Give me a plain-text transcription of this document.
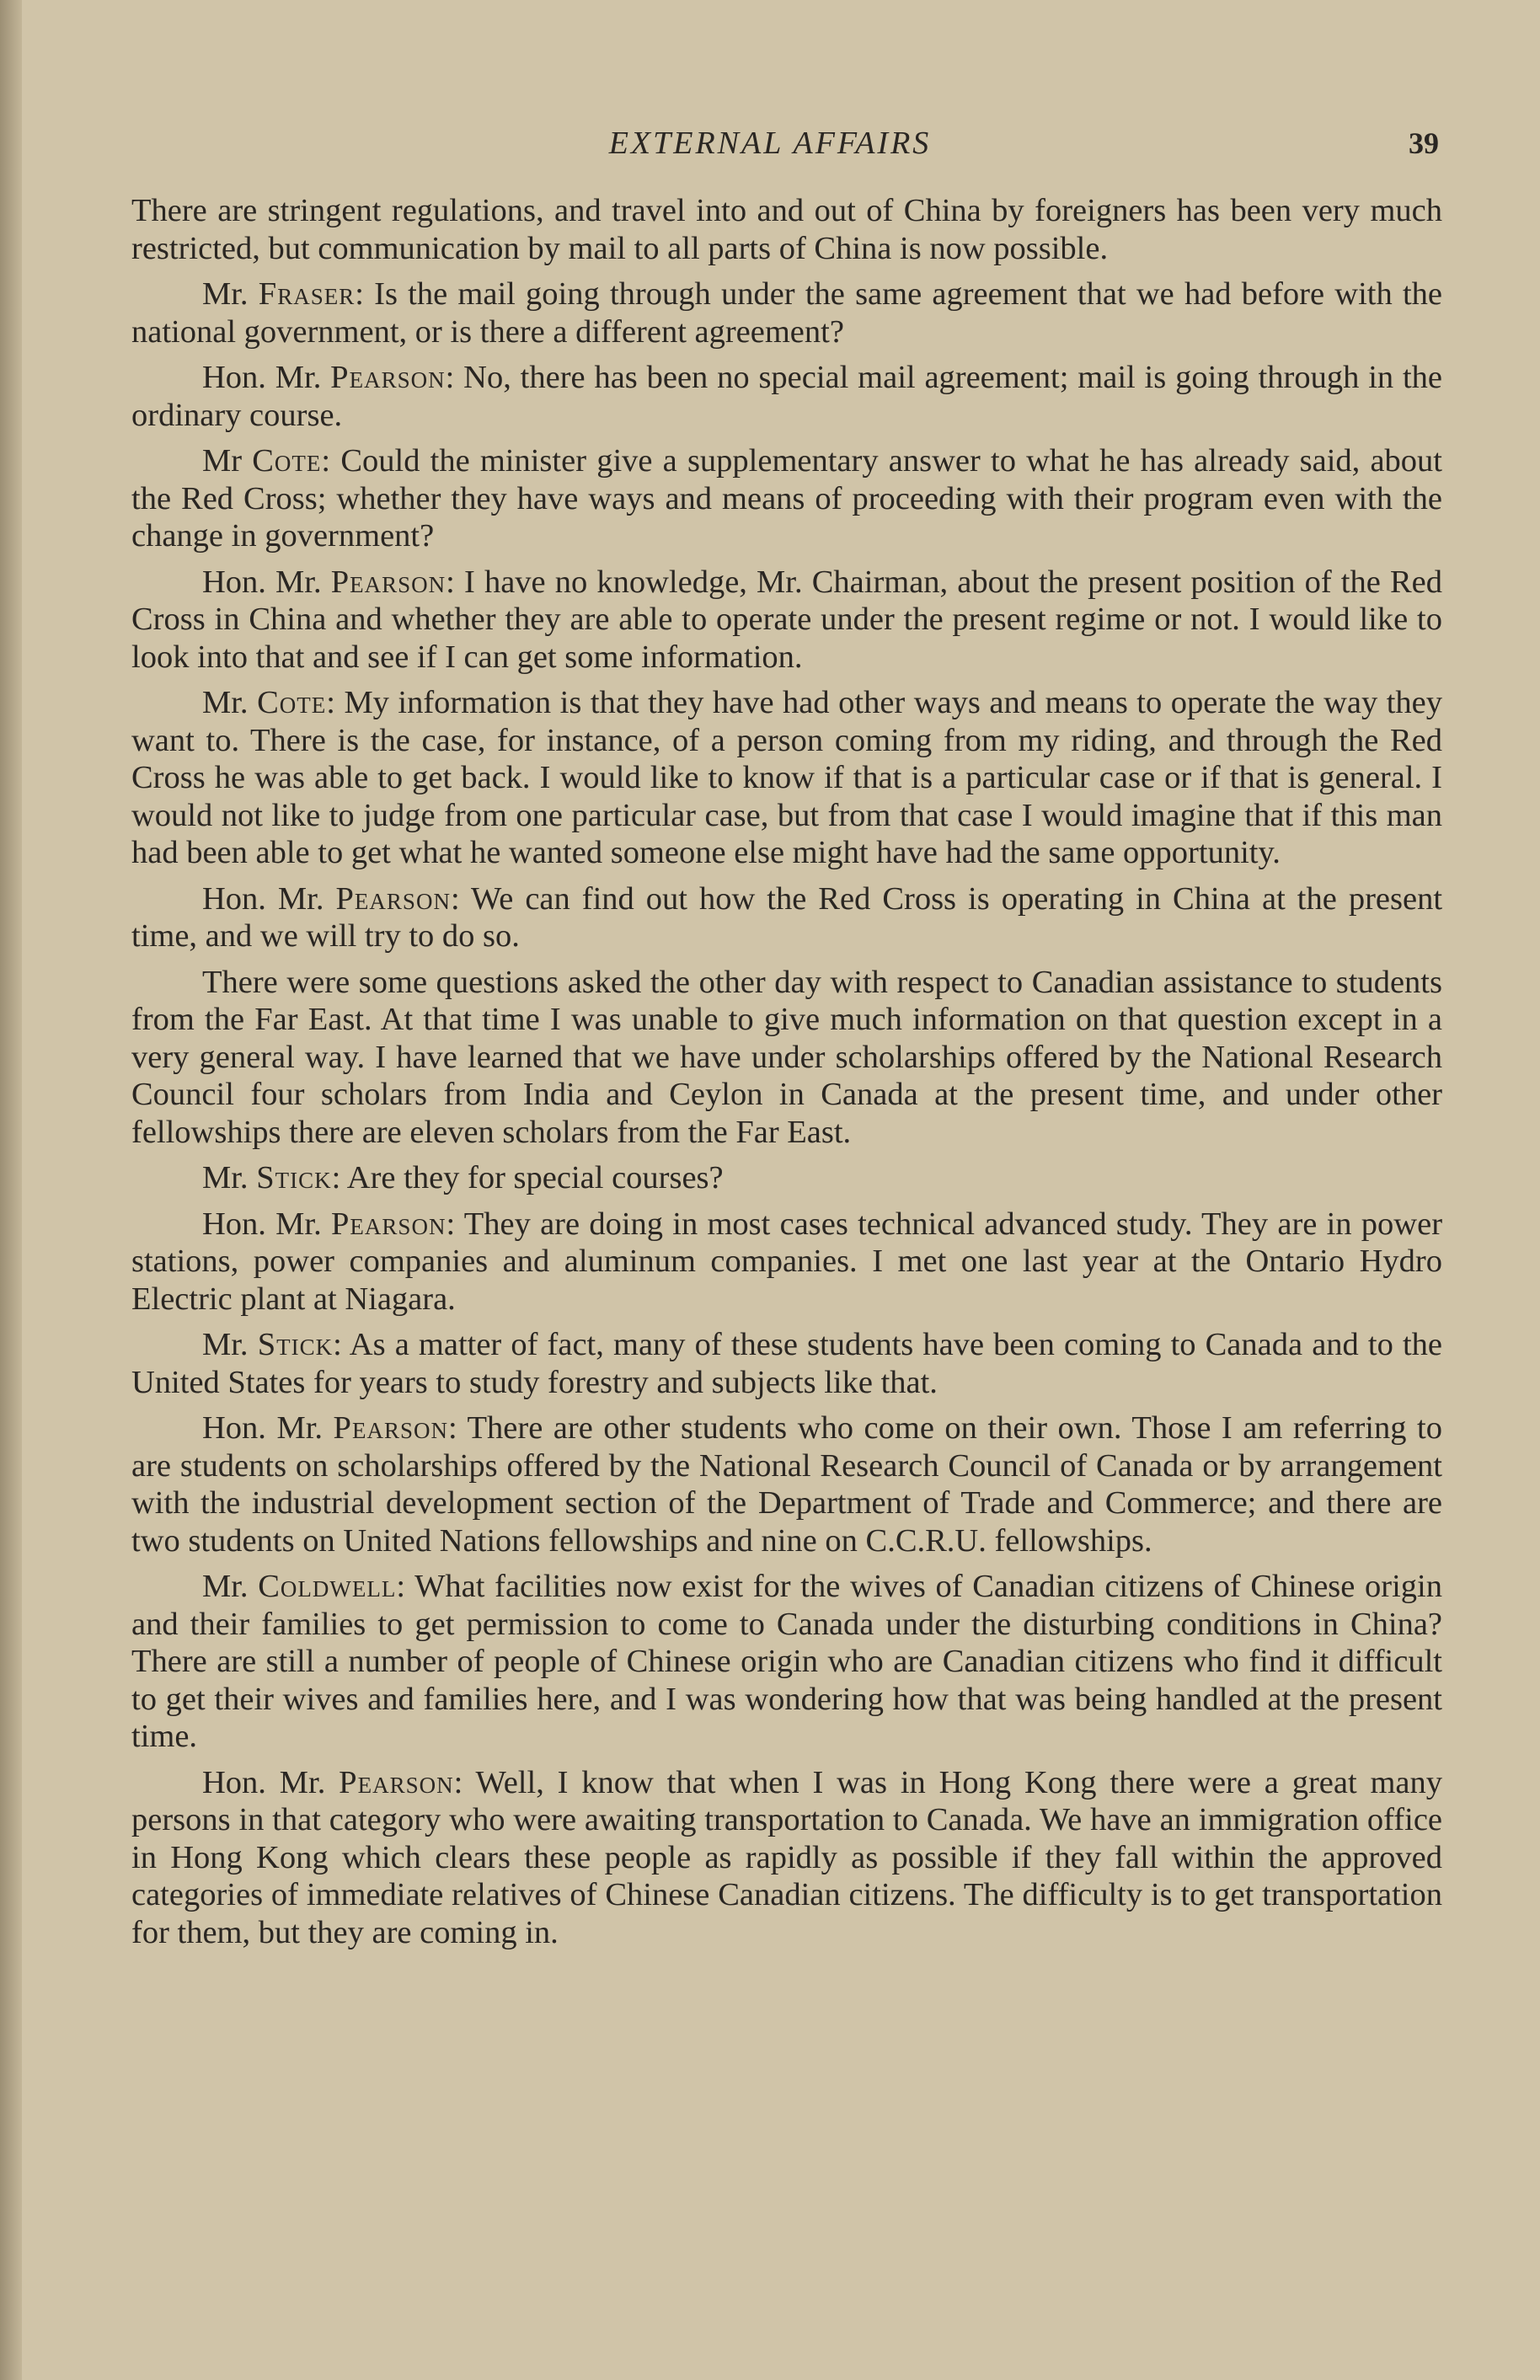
EXTERNAL AFFAIRS	39

There are stringent regulations, and travel into and out of China by foreigners has been very much restricted, but communication by mail to all parts of China is now possible.

Mr. Fraser: Is the mail going through under the same agreement that we had before with the national government, or is there a different agreement?

Hon. Mr. Pearson: No, there has been no special mail agreement; mail is going through in the ordinary course.

Mr Cote: Could the minister give a supplementary answer to what he has already said, about the Red Cross; whether they have ways and means of proceeding with their program even with the change in government?

Hon. Mr. Pearson: I have no knowledge, Mr. Chairman, about the present position of the Red Cross in China and whether they are able to operate under the present regime or not. I would like to look into that and see if I can get some information.

Mr. Cote: My information is that they have had other ways and means to operate the way they want to. There is the case, for instance, of a person coming from my riding, and through the Red Cross he was able to get back. I would like to know if that is a particular case or if that is general. I would not like to judge from one particular case, but from that case I would imagine that if this man had been able to get what he wanted someone else might have had the same opportunity.

Hon. Mr. Pearson: We can find out how the Red Cross is operating in China at the present time, and we will try to do so.

There were some questions asked the other day with respect to Canadian assistance to students from the Far East. At that time I was unable to give much information on that question except in a very general way. I have learned that we have under scholarships offered by the National Research Council four scholars from India and Ceylon in Canada at the present time, and under other fellowships there are eleven scholars from the Far East.

Mr. Stick: Are they for special courses?

Hon. Mr. Pearson: They are doing in most cases technical advanced study. They are in power stations, power companies and aluminum companies. I met one last year at the Ontario Hydro Electric plant at Niagara.

Mr. Stick: As a matter of fact, many of these students have been coming to Canada and to the United States for years to study forestry and subjects like that.

Hon. Mr. Pearson: There are other students who come on their own. Those I am referring to are students on scholarships offered by the National Research Council of Canada or by arrangement with the industrial development section of the Department of Trade and Commerce; and there are two students on United Nations fellowships and nine on C.C.R.U. fellowships.

Mr. Coldwell: What facilities now exist for the wives of Canadian citizens of Chinese origin and their families to get permission to come to Canada under the disturbing conditions in China? There are still a number of people of Chinese origin who are Canadian citizens who find it difficult to get their wives and families here, and I was wondering how that was being handled at the present time.

Hon. Mr. Pearson: Well, I know that when I was in Hong Kong there were a great many persons in that category who were awaiting transportation to Canada. We have an immigration office in Hong Kong which clears these people as rapidly as possible if they fall within the approved categories of immediate relatives of Chinese Canadian citizens. The difficulty is to get transportation for them, but they are coming in.
